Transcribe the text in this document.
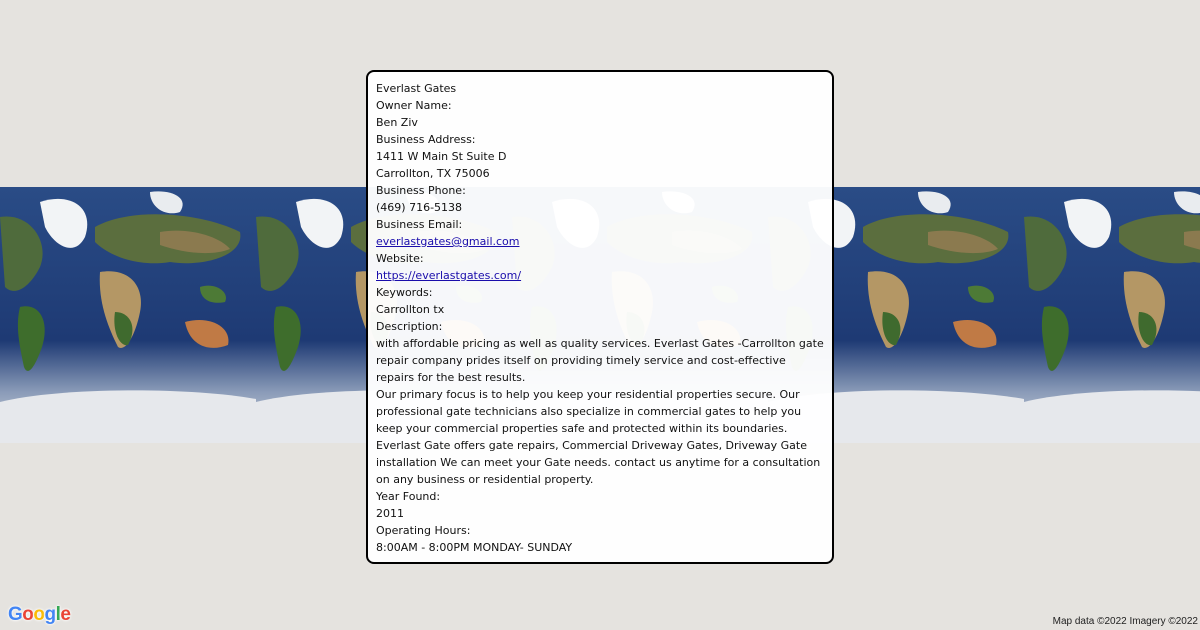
Everlast Gates
Owner Name:
Ben Ziv
Business Address:
1411 W Main St Suite D
Carrollton, TX 75006
Business Phone:
(469) 716-5138
Business Email:
everlastgates@gmail.com
Website:
https://everlastgates.com/
Keywords:
Carrollton tx
Description:
with affordable pricing as well as quality services. Everlast Gates -Carrollton gate repair company prides itself on providing timely service and cost-effective repairs for the best results.
Our primary focus is to help you keep your residential properties secure. Our professional gate technicians also specialize in commercial gates to help you keep your commercial properties safe and protected within its boundaries.
Everlast Gate offers gate repairs, Commercial Driveway Gates, Driveway Gate installation We can meet your Gate needs. contact us anytime for a consultation on any business or residential property.
Year Found:
2011
Operating Hours:
8:00AM - 8:00PM MONDAY- SUNDAY
Google	Map data ©2022 Imagery ©2022
